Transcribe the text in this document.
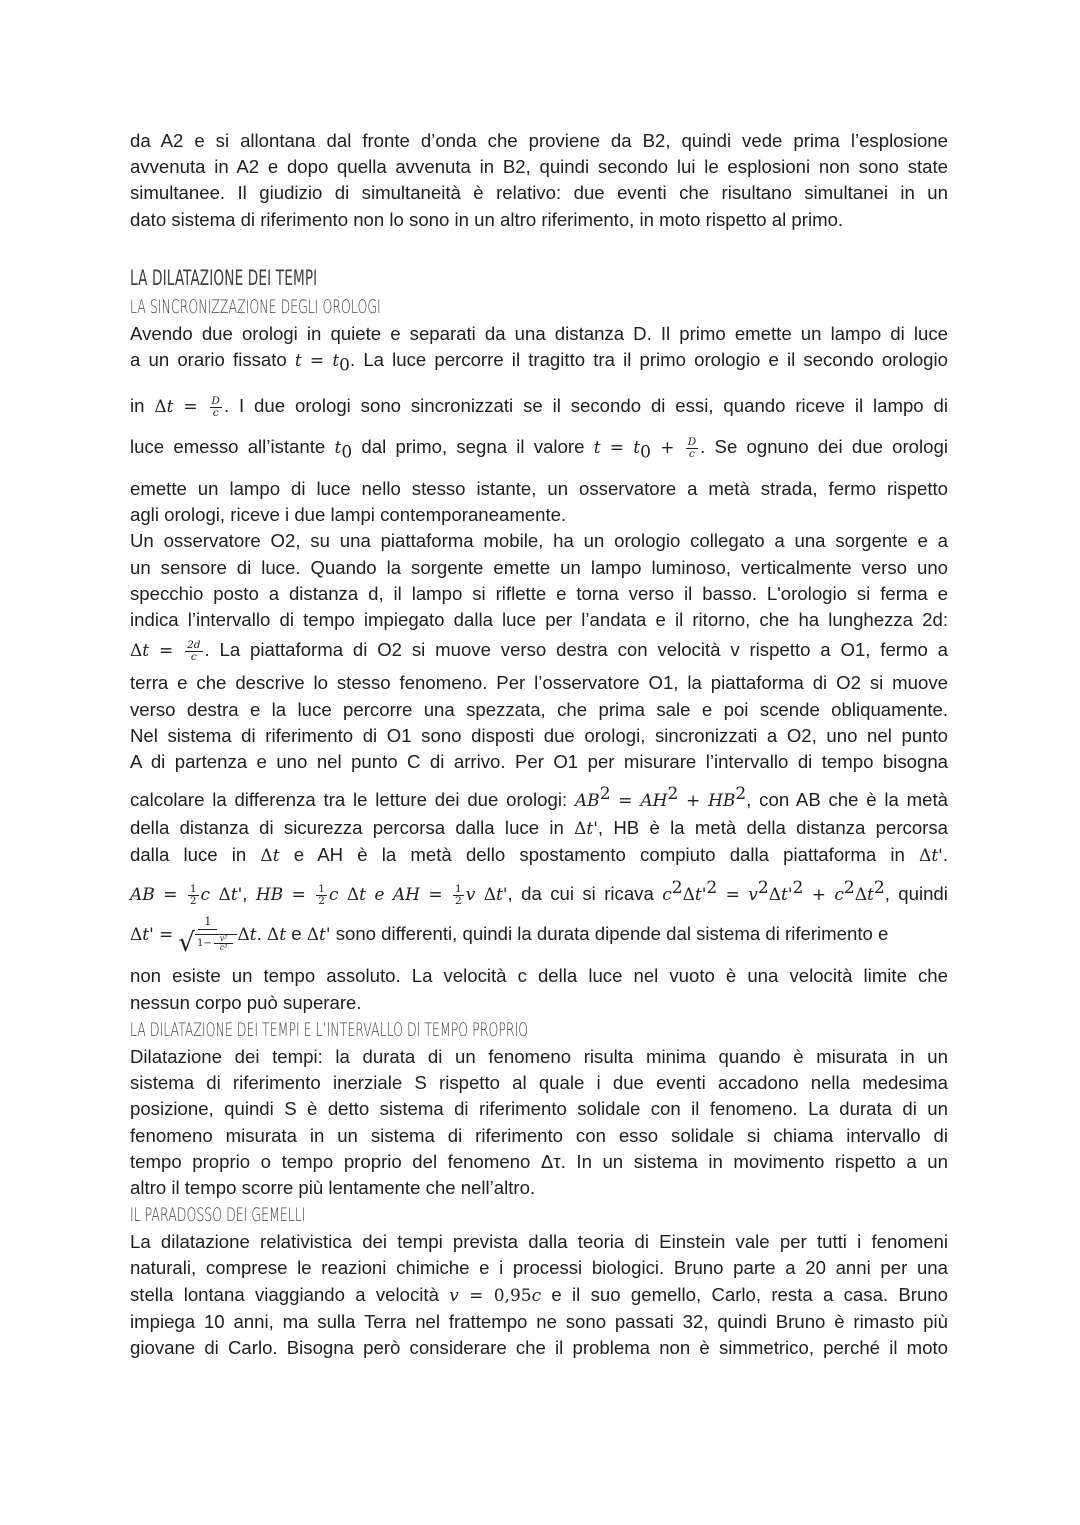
da A2 e si allontana dal fronte d’onda che proviene da B2, quindi vede prima l’esplosione

avvenuta in A2 e dopo quella avvenuta in B2, quindi secondo lui le esplosioni non sono state

simultanee. Il giudizio di simultaneità è relativo: due eventi che risultano simultanei in un

dato sistema di riferimento non lo sono in un altro riferimento, in moto rispetto al primo.

LA DILATAZIONE DEI TEMPI
LA SINCRONIZZAZIONE DEGLI OROLOGI

Avendo due orologi in quiete e separati da una distanza D. Il primo emette un lampo di luce

a un orario fissato $t = t_0$. La luce percorre il tragitto tra il primo orologio e il secondo orologio

in $\Delta t = \frac{D}{c}$ . I due orologi sono sincronizzati se il secondo di essi, quando riceve il lampo di

luce emesso all’istante $t_0$ dal primo, segna il valore $t = t_0 + \frac{D}{c}$ . Se ognuno dei due orologi

emette un lampo di luce nello stesso istante, un osservatore a metà strada, fermo rispetto

agli orologi, riceve i due lampi contemporaneamente.

Un osservatore O2, su una piattaforma mobile, ha un orologio collegato a una sorgente e a

un sensore di luce. Quando la sorgente emette un lampo luminoso, verticalmente verso uno

specchio posto a distanza d, il lampo si riflette e torna verso il basso. L'orologio si ferma e

indica l’intervallo di tempo impiegato dalla luce per l’andata e il ritorno, che ha lunghezza 2d:

$\Delta t = \frac{2d}{c}$ . La piattaforma di O2 si muove verso destra con velocità v rispetto a O1, fermo a

terra e che descrive lo stesso fenomeno. Per l’osservatore O1, la piattaforma di O2 si muove

verso destra e la luce percorre una spezzata, che prima sale e poi scende obliquamente.

Nel sistema di riferimento di O1 sono disposti due orologi, sincronizzati a O2, uno nel punto

A di partenza e uno nel punto C di arrivo. Per O1 per misurare l’intervallo di tempo bisogna

calcolare la differenza tra le letture dei due orologi: $AB^2 = AH^2 + HB^2$, con AB che è la metà

della distanza di sicurezza percorsa dalla luce in Δt', HB è la metà della distanza percorsa

dalla luce in Δt e AH è la metà dello spostamento compiuto dalla piattaforma in Δt'.

AB = $\frac{1}{2}$ c Δt', HB = $\frac{1}{2}$ c Δt e AH = $\frac{1}{2}$ v Δt', da cui si ricava $c^2\Delta t'^2 = v^2\Delta t'^2 + c^2\Delta t^2$, quindi

$\Delta t' = \frac{1}{√ 1- \frac{\text{v²}}{\text{c²}}} \Delta t$. Δt e Δt' sono differenti, quindi la durata dipende dal sistema di riferimento e

non esiste un tempo assoluto. La velocità c della luce nel vuoto è una velocità limite che

nessun corpo può superare.

LA DILATAZIONE DEI TEMPI E L’INTERVALLO DI TEMPO PROPRIO

Dilatazione dei tempi: la durata di un fenomeno risulta minima quando è misurata in un

sistema di riferimento inerziale S rispetto al quale i due eventi accadono nella medesima

posizione, quindi S è detto sistema di riferimento solidale con il fenomeno. La durata di un

fenomeno misurata in un sistema di riferimento con esso solidale si chiama intervallo di

tempo proprio o tempo proprio del fenomeno Δτ. In un sistema in movimento rispetto a un

altro il tempo scorre più lentamente che nell’altro.

IL PARADOSSO DEI GEMELLI

La dilatazione relativistica dei tempi prevista dalla teoria di Einstein vale per tutti i fenomeni

naturali, comprese le reazioni chimiche e i processi biologici. Bruno parte a 20 anni per una

stella lontana viaggiando a velocità v = 0,95c e il suo gemello, Carlo, resta a casa. Bruno

impiega 10 anni, ma sulla Terra nel frattempo ne sono passati 32, quindi Bruno è rimasto più

giovane di Carlo. Bisogna però considerare che il problema non è simmetrico, perché il moto
